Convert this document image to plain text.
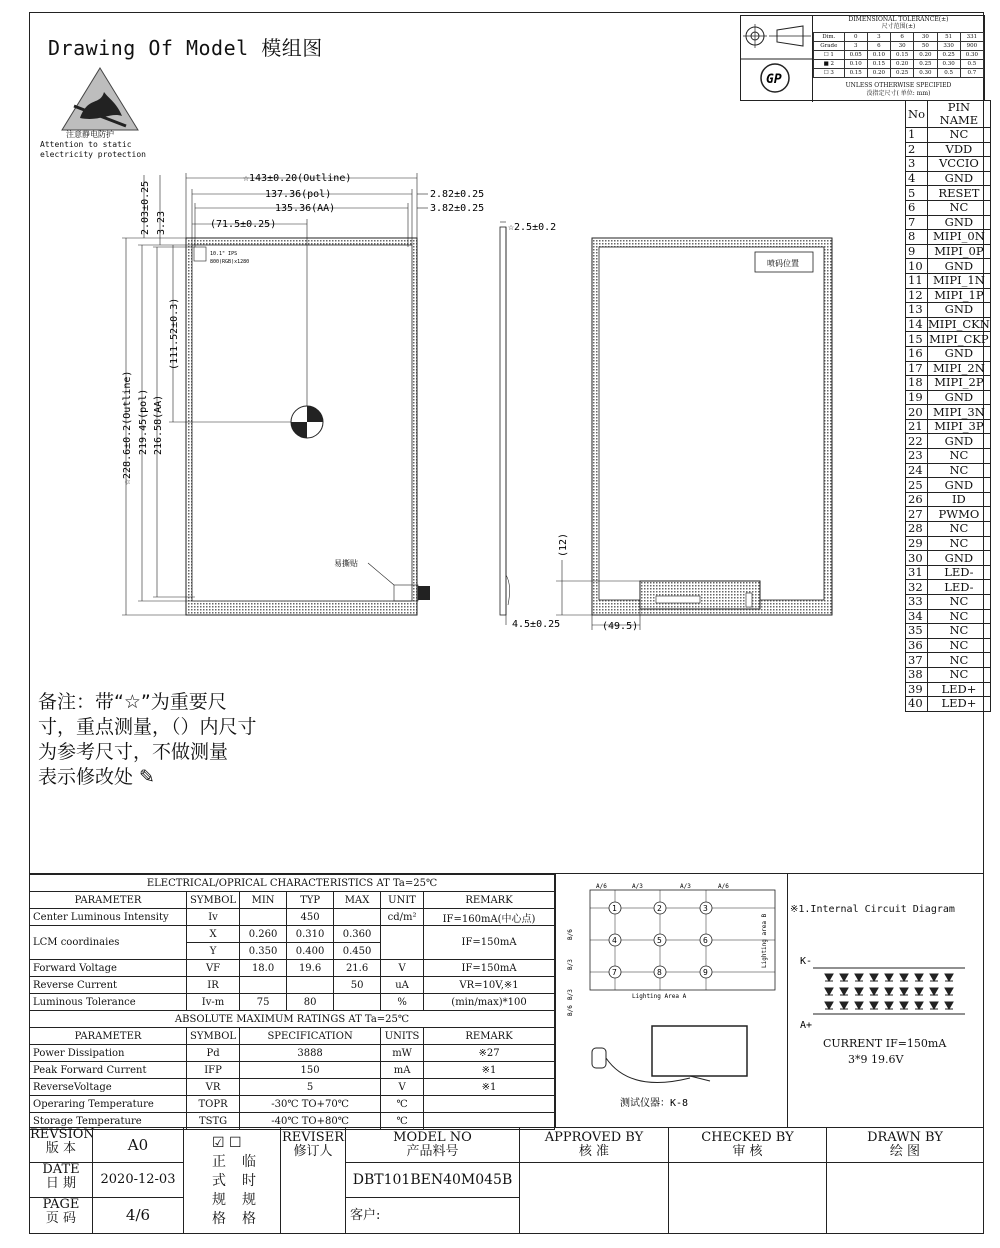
Drawing Of Model 模组图
注意静电防护
Attention to static
electricity protection
GP
DIMENSIONAL TOLERANCE(±)
尺寸范围(±)
Dim.	0	3	6	30	51	331
Grade	3	6	30	50	330	900
☐ 1	0.05	0.10	0.15	0.20	0.25	0.30
■ 2	0.10	0.15	0.20	0.25	0.30	0.5
☐ 3	0.15	0.20	0.25	0.30	0.5	0.7
UNLESS OTHERWISE SPECIFIED
没指定尺寸( 单位: mm)
No	PIN NAME
1	NC
2	VDD
3	VCCIO
4	GND
5	RESET
6	NC
7	GND
8	MIPI_0N
9	MIPI_0P
10	GND
11	MIPI_1N
12	MIPI_1P
13	GND
14	MIPI_CKN
15	MIPI_CKP
16	GND
17	MIPI_2N
18	MIPI_2P
19	GND
20	MIPI_3N
21	MIPI_3P
22	GND
23	NC
24	NC
25	GND
26	ID
27	PWMO
28	NC
29	NC
30	GND
31	LED-
32	LED-
33	NC
34	NC
35	NC
36	NC
37	NC
38	NC
39	LED+
40	LED+
10.1" IPS
800(RGB)x1280
易撕贴
☆143±0.20(Outline)
137.36(pol)
135.36(AA)
(71.5±0.25)
2.82±0.25
3.82±0.25
2.03±0.25 3.23
☆228.6±0.2(Outline) 219.45(pol) 216.58(AA)
(111.52±0.3)
☆2.5±0.2
4.5±0.25
喷码位置
(12)
(49.5)
备注：带“☆”为重要尺
寸，重点测量，（）内尺寸
为参考尺寸，不做测量
表示修改处 ✎
ELECTRICAL/OPRICAL CHARACTERISTICS AT Ta=25℃						
PARAMETER	SYMBOL	MIN	TYP	MAX	UNIT	REMARK
Center Luminous Intensity	Iv		450		cd/m²	IF=160mA(中心点)
LCM coordinaies	X	0.260	0.310	0.360		IF=150mA
	Y	0.350	0.400	0.450		
Forward Voltage	VF	18.0	19.6	21.6	V	IF=150mA
Reverse Current	IR			50	uA	VR=10V,※1
Luminous Tolerance	Iv-m	75	80		%	(min/max)*100
ABSOLUTE MAXIMUM RATINGS AT Ta=25℃						
PARAMETER	SYMBOL	SPECIFICATION			UNITS	REMARK
Power Dissipation	Pd	3888			mW	※27
Peak Forward Current	IFP	150			mA	※1
ReverseVoltage	VR	5			V	※1
Operaring Temperature	TOPR	-30℃ TO+70℃			℃	
Storage Temperature	TSTG	-40℃ TO+80℃			℃	
1	2	3
4	5	6
7	8	9
A/6	A/3	A/3	A/6
B/6
B/3
B/3
B/6
Lighting Area A
Lighting area B
测试仪器：K-8
※1.Internal Circuit Diagram
K-
A+
CURRENT IF=150mA
3*9 19.6V
REVSION
版 本	A0
DATE
日 期	2020-12-03
PAGE
页 码	4/6
☑ ☐
正
式
规
格

临
时
规
格
REVISER
修订人
MODEL NO
产品料号
DBT101BEN40M045B
客户:
APPROVED BY
核 准
CHECKED BY
审 核
DRAWN BY
绘 图
